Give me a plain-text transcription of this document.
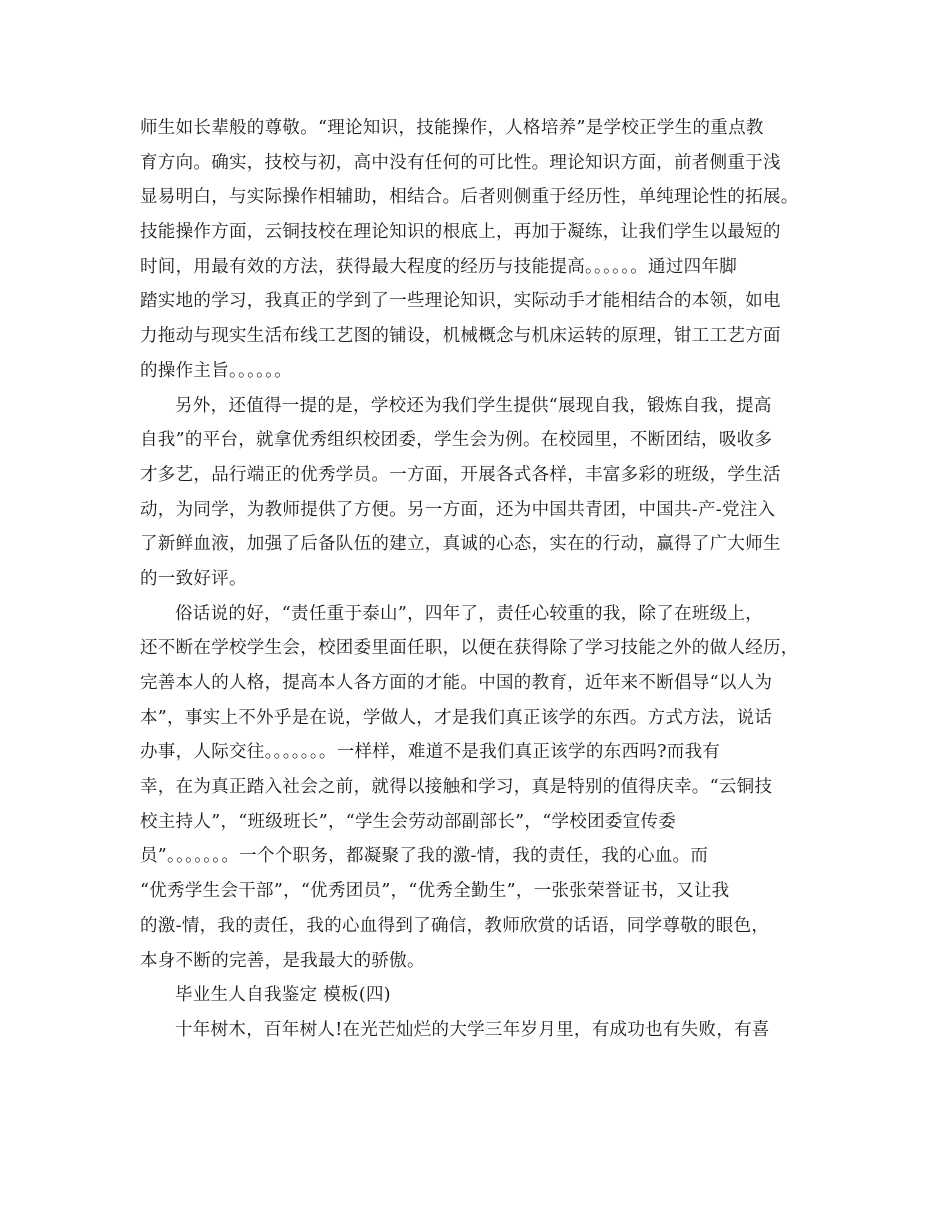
师生如长辈般的尊敬。“理论知识，技能操作，人格培养”是学校正学生的重点教
育方向。确实，技校与初，高中没有任何的可比性。理论知识方面，前者侧重于浅
显易明白，与实际操作相辅助，相结合。后者则侧重于经历性，单纯理论性的拓展。
技能操作方面，云铜技校在理论知识的根底上，再加于凝练，让我们学生以最短的
时间，用最有效的方法，获得最大程度的经历与技能提高。。。。。。通过四年脚
踏实地的学习，我真正的学到了一些理论知识，实际动手才能相结合的本领，如电
力拖动与现实生活布线工艺图的铺设，机械概念与机床运转的原理，钳工工艺方面
的操作主旨。。。。。。
另外，还值得一提的是，学校还为我们学生提供“展现自我，锻炼自我，提高
自我”的平台，就拿优秀组织校团委，学生会为例。在校园里，不断团结，吸收多
才多艺，品行端正的优秀学员。一方面，开展各式各样，丰富多彩的班级，学生活
动，为同学，为教师提供了方便。另一方面，还为中国共青团，中国共-产-党注入
了新鲜血液，加强了后备队伍的建立，真诚的心态，实在的行动，赢得了广大师生
的一致好评。
俗话说的好，“责任重于泰山”，四年了，责任心较重的我，除了在班级上，
还不断在学校学生会，校团委里面任职，以便在获得除了学习技能之外的做人经历，
完善本人的人格，提高本人各方面的才能。中国的教育，近年来不断倡导“以人为
本”，事实上不外乎是在说，学做人，才是我们真正该学的东西。方式方法，说话
办事，人际交往。。。。。。。一样样，难道不是我们真正该学的东西吗?而我有
幸，在为真正踏入社会之前，就得以接触和学习，真是特别的值得庆幸。“云铜技
校主持人”，“班级班长”，“学生会劳动部副部长”，“学校团委宣传委
员”。。。。。。。一个个职务，都凝聚了我的激-情，我的责任，我的心血。而
“优秀学生会干部”，“优秀团员”，“优秀全勤生”，一张张荣誉证书，又让我
的激-情，我的责任，我的心血得到了确信，教师欣赏的话语，同学尊敬的眼色，
本身不断的完善，是我最大的骄傲。
毕业生人自我鉴定 模板(四)
十年树木，百年树人!在光芒灿烂的大学三年岁月里，有成功也有失败，有喜
